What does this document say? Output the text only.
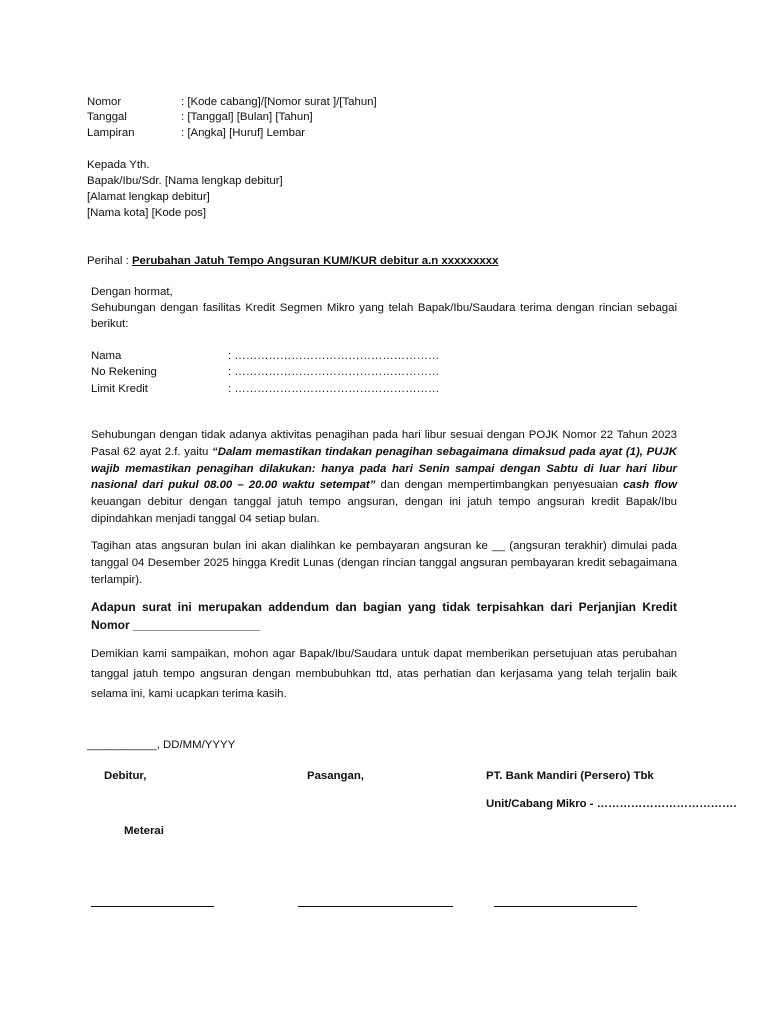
Nomor	: [Kode cabang]/[Nomor surat ]/[Tahun]
Tanggal	: [Tanggal] [Bulan] [Tahun]
Lampiran	: [Angka] [Huruf] Lembar
Kepada Yth.
Bapak/Ibu/Sdr. [Nama lengkap debitur]
[Alamat lengkap debitur]
[Nama kota] [Kode pos]
Perihal : Perubahan Jatuh Tempo Angsuran KUM/KUR debitur a.n xxxxxxxxx
Dengan hormat,
Sehubungan dengan fasilitas Kredit Segmen Mikro yang telah Bapak/Ibu/Saudara terima dengan rincian sebagai berikut:
Nama	: ………………………………………………
No Rekening	: ………………………………………………
Limit Kredit	: ………………………………………………
Sehubungan dengan tidak adanya aktivitas penagihan pada hari libur sesuai dengan POJK Nomor 22 Tahun 2023 Pasal 62 ayat 2.f. yaitu “Dalam memastikan tindakan penagihan sebagaimana dimaksud pada ayat (1), PUJK wajib memastikan penagihan dilakukan: hanya pada hari Senin sampai dengan Sabtu di luar hari libur nasional dari pukul 08.00 – 20.00 waktu setempat” dan dengan mempertimbangkan penyesuaian cash flow keuangan debitur dengan tanggal jatuh tempo angsuran, dengan ini jatuh tempo angsuran kredit Bapak/Ibu dipindahkan menjadi tanggal 04 setiap bulan.
Tagihan atas angsuran bulan ini akan dialihkan ke pembayaran angsuran ke __ (angsuran terakhir) dimulai pada tanggal 04 Desember 2025 hingga Kredit Lunas (dengan rincian tanggal angsuran pembayaran kredit sebagaimana terlampir).
Adapun surat ini merupakan addendum dan bagian yang tidak terpisahkan dari Perjanjian Kredit Nomor ___________________
Demikian kami sampaikan, mohon agar Bapak/Ibu/Saudara untuk dapat memberikan persetujuan atas perubahan tanggal jatuh tempo angsuran dengan membubuhkan ttd, atas perhatian dan kerjasama yang telah terjalin baik selama ini, kami ucapkan terima kasih.
___________, DD/MM/YYYY
Debitur,	Pasangan,	PT. Bank Mandiri (Persero) Tbk
Unit/Cabang Mikro - ……………………………….
Meterai
